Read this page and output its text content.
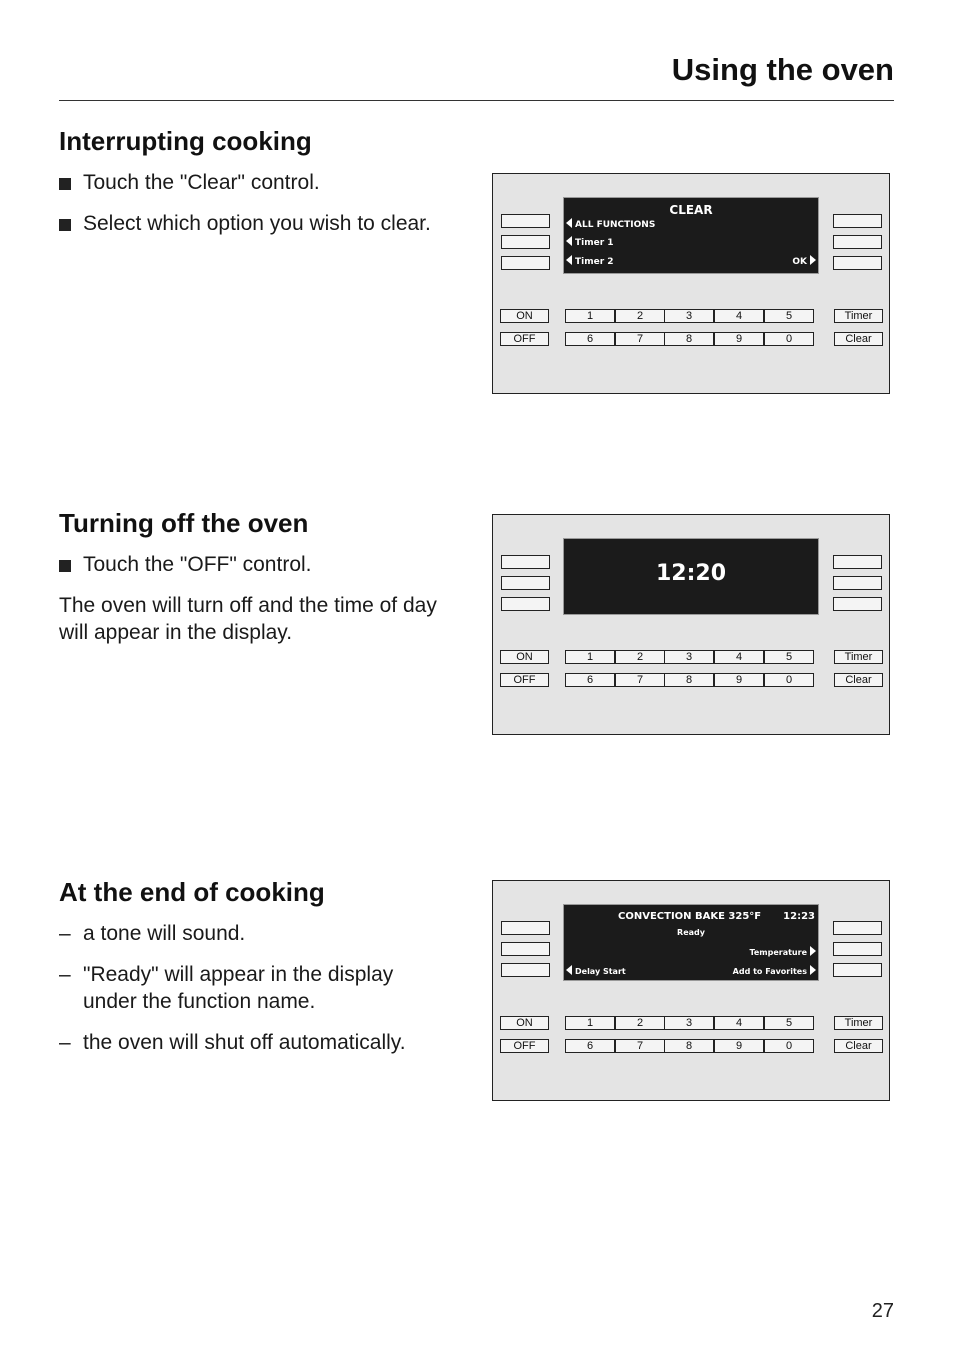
Using the oven
Interrupting cooking
Touch the "Clear" control.
Select which option you wish to clear.
CLEAR
ALL FUNCTIONS
Timer 1
Timer 2	OK
ON
OFF
1	2	3	4	5
6	7	8	9	0
Timer
Clear
Turning off the oven
Touch the "OFF" control.

The oven will turn off and the time of day will appear in the display.

12:20
ON
OFF
1	2	3	4	5
6	7	8	9	0
Timer
Clear
At the end of cooking
– a tone will sound.
– "Ready" will appear in the display under the function name.
– the oven will shut off automatically.
CONVECTION BAKE 325°F 12:23
Ready
Temperature
Delay Start	Add to Favorites
ON
OFF
1	2	3	4	5
6	7	8	9	0
Timer
Clear
27
